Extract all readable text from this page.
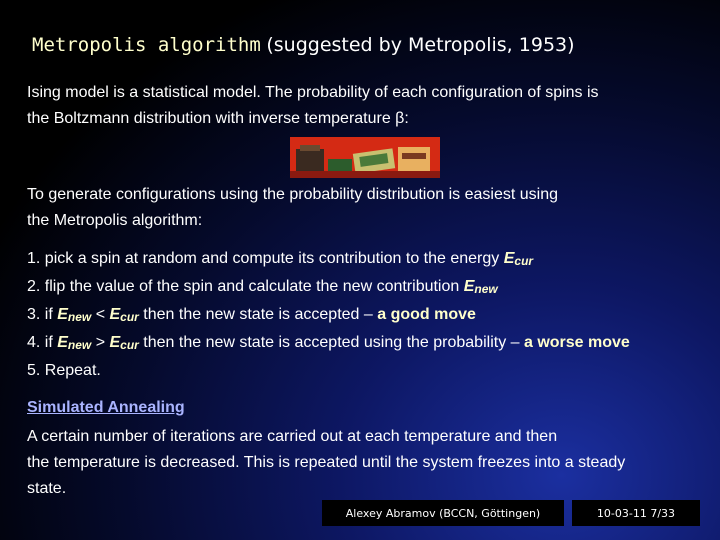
Metropolis algorithm (suggested by Metropolis, 1953)
Ising model is a statistical model. The probability of each configuration of spins is
the Boltzmann distribution with inverse temperature β:
To generate configurations using the probability distribution is easiest using
the Metropolis algorithm:
1. pick a spin at random and compute its contribution to the energy $E_{cur}$
2. flip the value of the spin and calculate the new contribution $E_{new}$
3. if $E_{new} < E_{cur}$ then the new state is accepted – a good move
4. if $E_{new} > E_{cur}$ then the new state is accepted using the probability – a worse move
5. Repeat.
Simulated Annealing
A certain number of iterations are carried out at each temperature and then
the temperature is decreased. This is repeated until the system freezes into a steady
state.
Alexey Abramov (BCCN, Göttingen)	10-03-11 7/33
